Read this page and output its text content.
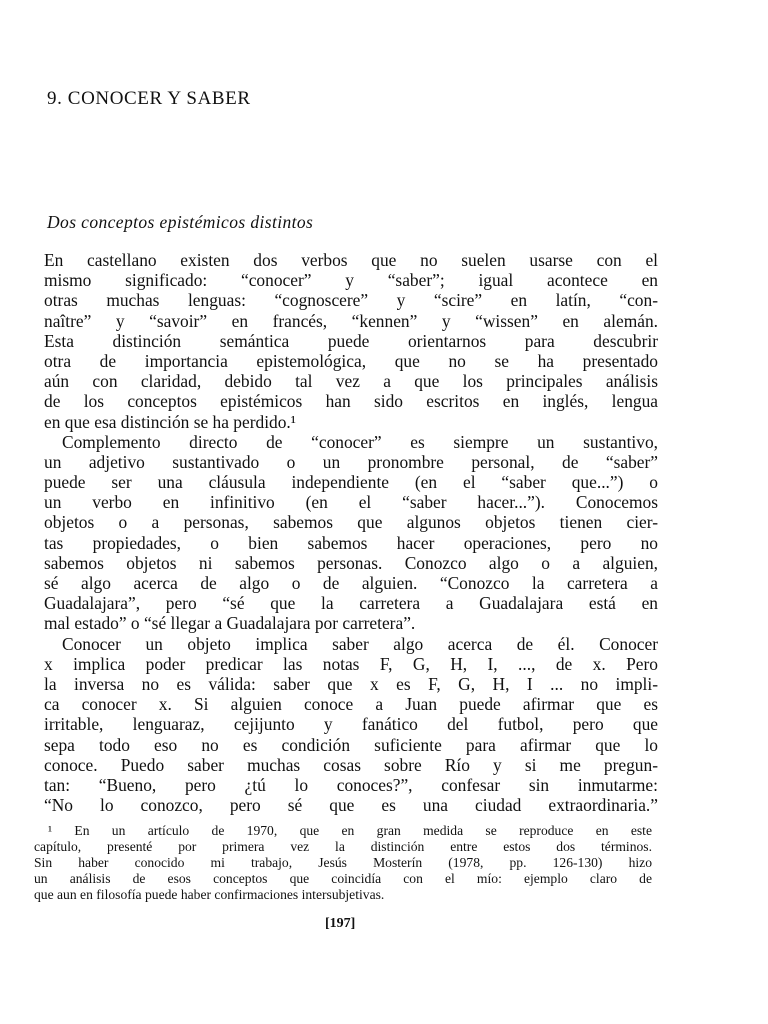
9. CONOCER Y SABER
Dos conceptos epistémicos distintos
En castellano existen dos verbos que no suelen usarse con el
mismo significado: “conocer” y “saber”; igual acontece en
otras muchas lenguas: “cognoscere” y “scire” en latín, “con-
naître” y “savoir” en francés, “kennen” y “wissen” en alemán.
Esta distinción semántica puede orientarnos para descubrir
otra de importancia epistemológica, que no se ha presentado
aún con claridad, debido tal vez a que los principales análisis
de los conceptos epistémicos han sido escritos en inglés, lengua
en que esa distinción se ha perdido.¹
Complemento directo de “conocer” es siempre un sustantivo,
un adjetivo sustantivado o un pronombre personal, de “saber”
puede ser una cláusula independiente (en el “saber que...”) o
un verbo en infinitivo (en el “saber hacer...”). Conocemos
objetos o a personas, sabemos que algunos objetos tienen cier-
tas propiedades, o bien sabemos hacer operaciones, pero no
sabemos objetos ni sabemos personas. Conozco algo o a alguien,
sé algo acerca de algo o de alguien. “Conozco la carretera a
Guadalajara”, pero “sé que la carretera a Guadalajara está en
mal estado” o “sé llegar a Guadalajara por carretera”.
Conocer un objeto implica saber algo acerca de él. Conocer
x implica poder predicar las notas F, G, H, I, ..., de x. Pero
la inversa no es válida: saber que x es F, G, H, I ... no impli-
ca conocer x. Si alguien conoce a Juan puede afirmar que es
irritable, lenguaraz, cejijunto y fanático del futbol, pero que
sepa todo eso no es condición suficiente para afirmar que lo
conoce. Puedo saber muchas cosas sobre Río y si me pregun-
tan: “Bueno, pero ¿tú lo conoces?”, confesar sin inmutarme:
“No lo conozco, pero sé que es una ciudad extraordinaria.”
¹ En un artículo de 1970, que en gran medida se reproduce en este
capítulo, presenté por primera vez la distinción entre estos dos términos.
Sin haber conocido mi trabajo, Jesús Mosterín (1978, pp. 126-130) hizo
un análisis de esos conceptos que coincidía con el mío: ejemplo claro de
que aun en filosofía puede haber confirmaciones intersubjetivas.

[197]
